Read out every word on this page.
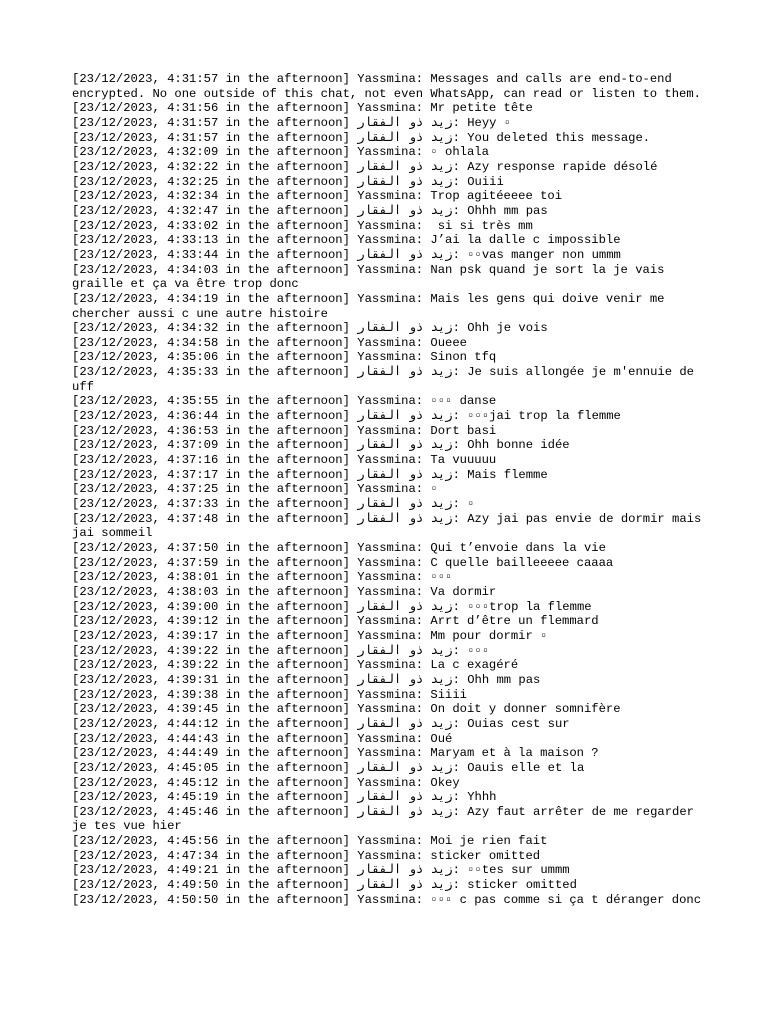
[23/12/2023, 4:31:57 in the afternoon] Yassmina: Messages and calls are end-to-end encrypted. No one outside of this chat, not even WhatsApp, can read or listen to them.
[23/12/2023, 4:31:56 in the afternoon] Yassmina: Mr petite tête
[23/12/2023, 4:31:57 in the afternoon] زيد ذو الفقار: Heyy ▫
[23/12/2023, 4:31:57 in the afternoon] زيد ذو الفقار: You deleted this message.
[23/12/2023, 4:32:09 in the afternoon] Yassmina: ▫ ohlala
[23/12/2023, 4:32:22 in the afternoon] زيد ذو الفقار: Azy response rapide désolé
[23/12/2023, 4:32:25 in the afternoon] زيد ذو الفقار: Ouiii
[23/12/2023, 4:32:34 in the afternoon] Yassmina: Trop agitéeeee toi
[23/12/2023, 4:32:47 in the afternoon] زيد ذو الفقار: Ohhh mm pas
[23/12/2023, 4:33:02 in the afternoon] Yassmina:  si si très mm
[23/12/2023, 4:33:13 in the afternoon] Yassmina: J’ai la dalle c impossible
[23/12/2023, 4:33:44 in the afternoon] زيد ذو الفقار: ▫▫vas manger non ummm
[23/12/2023, 4:34:03 in the afternoon] Yassmina: Nan psk quand je sort la je vais graille et ça va être trop donc
[23/12/2023, 4:34:19 in the afternoon] Yassmina: Mais les gens qui doive venir me chercher aussi c une autre histoire
[23/12/2023, 4:34:32 in the afternoon] زيد ذو الفقار: Ohh je vois
[23/12/2023, 4:34:58 in the afternoon] Yassmina: Oueee
[23/12/2023, 4:35:06 in the afternoon] Yassmina: Sinon tfq
[23/12/2023, 4:35:33 in the afternoon] زيد ذو الفقار: Je suis allongée je m'ennuie de uff
[23/12/2023, 4:35:55 in the afternoon] Yassmina: ▫▫▫ danse
[23/12/2023, 4:36:44 in the afternoon] زيد ذو الفقار: ▫▫▫jai trop la flemme
[23/12/2023, 4:36:53 in the afternoon] Yassmina: Dort basi
[23/12/2023, 4:37:09 in the afternoon] زيد ذو الفقار: Ohh bonne idée
[23/12/2023, 4:37:16 in the afternoon] Yassmina: Ta vuuuuu
[23/12/2023, 4:37:17 in the afternoon] زيد ذو الفقار: Mais flemme
[23/12/2023, 4:37:25 in the afternoon] Yassmina: ▫
[23/12/2023, 4:37:33 in the afternoon] زيد ذو الفقار: ▫
[23/12/2023, 4:37:48 in the afternoon] زيد ذو الفقار: Azy jai pas envie de dormir mais jai sommeil
[23/12/2023, 4:37:50 in the afternoon] Yassmina: Qui t’envoie dans la vie
[23/12/2023, 4:37:59 in the afternoon] Yassmina: C quelle bailleeeee caaaa
[23/12/2023, 4:38:01 in the afternoon] Yassmina: ▫▫▫
[23/12/2023, 4:38:03 in the afternoon] Yassmina: Va dormir
[23/12/2023, 4:39:00 in the afternoon] زيد ذو الفقار: ▫▫▫trop la flemme
[23/12/2023, 4:39:12 in the afternoon] Yassmina: Arrt d’être un flemmard
[23/12/2023, 4:39:17 in the afternoon] Yassmina: Mm pour dormir ▫
[23/12/2023, 4:39:22 in the afternoon] زيد ذو الفقار: ▫▫▫
[23/12/2023, 4:39:22 in the afternoon] Yassmina: La c exagéré
[23/12/2023, 4:39:31 in the afternoon] زيد ذو الفقار: Ohh mm pas
[23/12/2023, 4:39:38 in the afternoon] Yassmina: Siiii
[23/12/2023, 4:39:45 in the afternoon] Yassmina: On doit y donner somnifère
[23/12/2023, 4:44:12 in the afternoon] زيد ذو الفقار: Ouias cest sur
[23/12/2023, 4:44:43 in the afternoon] Yassmina: Oué
[23/12/2023, 4:44:49 in the afternoon] Yassmina: Maryam et à la maison ?
[23/12/2023, 4:45:05 in the afternoon] زيد ذو الفقار: Oauis elle et la
[23/12/2023, 4:45:12 in the afternoon] Yassmina: Okey
[23/12/2023, 4:45:19 in the afternoon] زيد ذو الفقار: Yhhh
[23/12/2023, 4:45:46 in the afternoon] زيد ذو الفقار: Azy faut arrêter de me regarder je tes vue hier
[23/12/2023, 4:45:56 in the afternoon] Yassmina: Moi je rien fait
[23/12/2023, 4:47:34 in the afternoon] Yassmina: sticker omitted
[23/12/2023, 4:49:21 in the afternoon] زيد ذو الفقار: ▫▫tes sur ummm
[23/12/2023, 4:49:50 in the afternoon] زيد ذو الفقار: sticker omitted
[23/12/2023, 4:50:50 in the afternoon] Yassmina: ▫▫▫ c pas comme si ça t déranger donc
